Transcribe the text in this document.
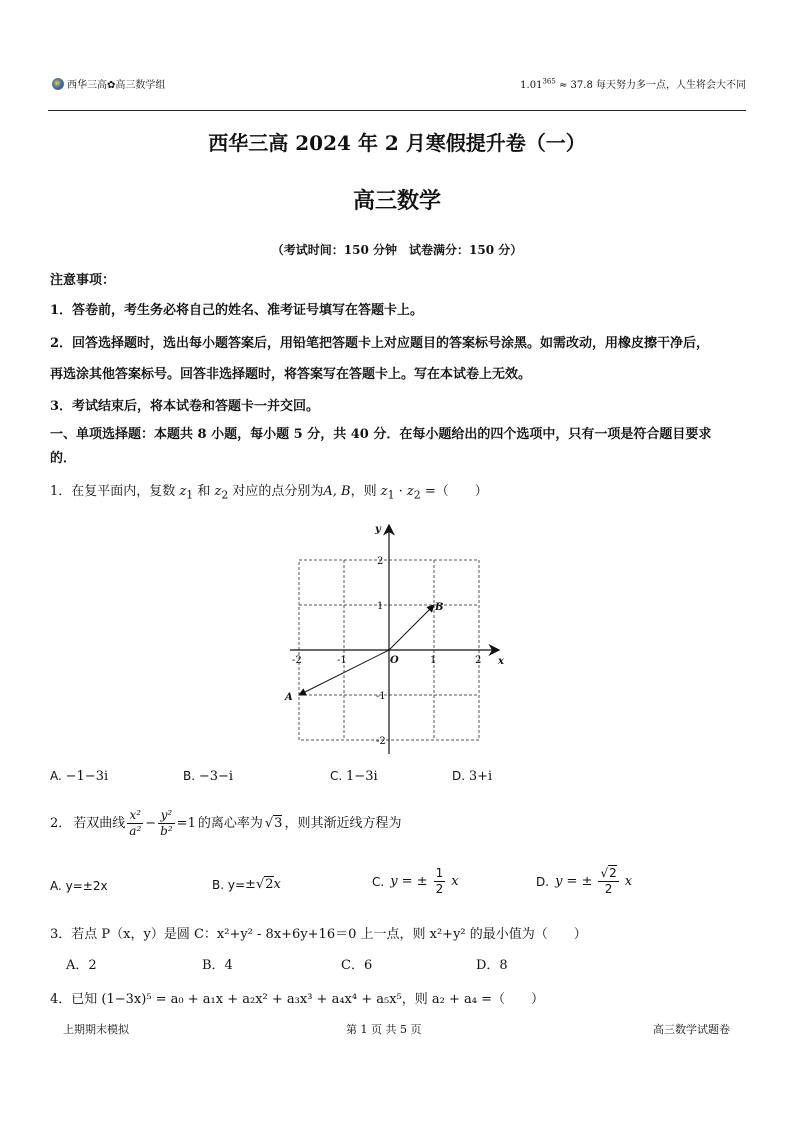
西华三高✿高三数学组	$1.01^{365} \approx 37.8$ 每天努力多一点，人生将会大不同
西华三高 2024 年 2 月寒假提升卷（一）
高三数学
（考试时间：150 分钟　试卷满分：150 分）
注意事项：
1．答卷前，考生务必将自己的姓名、准考证号填写在答题卡上。
2．回答选择题时，选出每小题答案后，用铅笔把答题卡上对应题目的答案标号涂黑。如需改动，用橡皮擦干净后，
再选涂其他答案标号。回答非选择题时，将答案写在答题卡上。写在本试卷上无效。
3．考试结束后，将本试卷和答题卡一并交回。
一、单项选择题：本题共 8 小题，每小题 5 分，共 40 分．在每小题给出的四个选项中，只有一项是符合题目要求
的．
1．在复平面内，复数 $z_1$ 和 $z_2$ 对应的点分别为A, B，则 $z_1 \cdot z_2$ =（　　）
x
y
O
-2	-1	1	2
2
1
-1
-2
B
A
A. −1−3i	B. −3−i	C. 1−3i	D. 3+i
2． 若双曲线 $\frac{\text{x²}}{\text{a²}} - \frac{\text{y²}}{\text{b²}} =1$ 的离心率为 √3 ，则其渐近线方程为
A. y=±2x	B. y= ± √2 x	C. y = ± $\frac{1}{2}$ x	D. y = ± $\frac{√2}{2}$ x
3．若点 P（x，y）是圆 C：x²+y² - 8x+6y+16＝0 上一点，则 x²+y² 的最小值为（　　）
A．2	B．4	C．6	D．8
4．已知 (1−3x)⁵ = a₀ + a₁x + a₂x² + a₃x³ + a₄x⁴ + a₅x⁵，则 a₂ + a₄ =（　　）
上期期末模拟	第 1 页 共 5 页	高三数学试题卷
